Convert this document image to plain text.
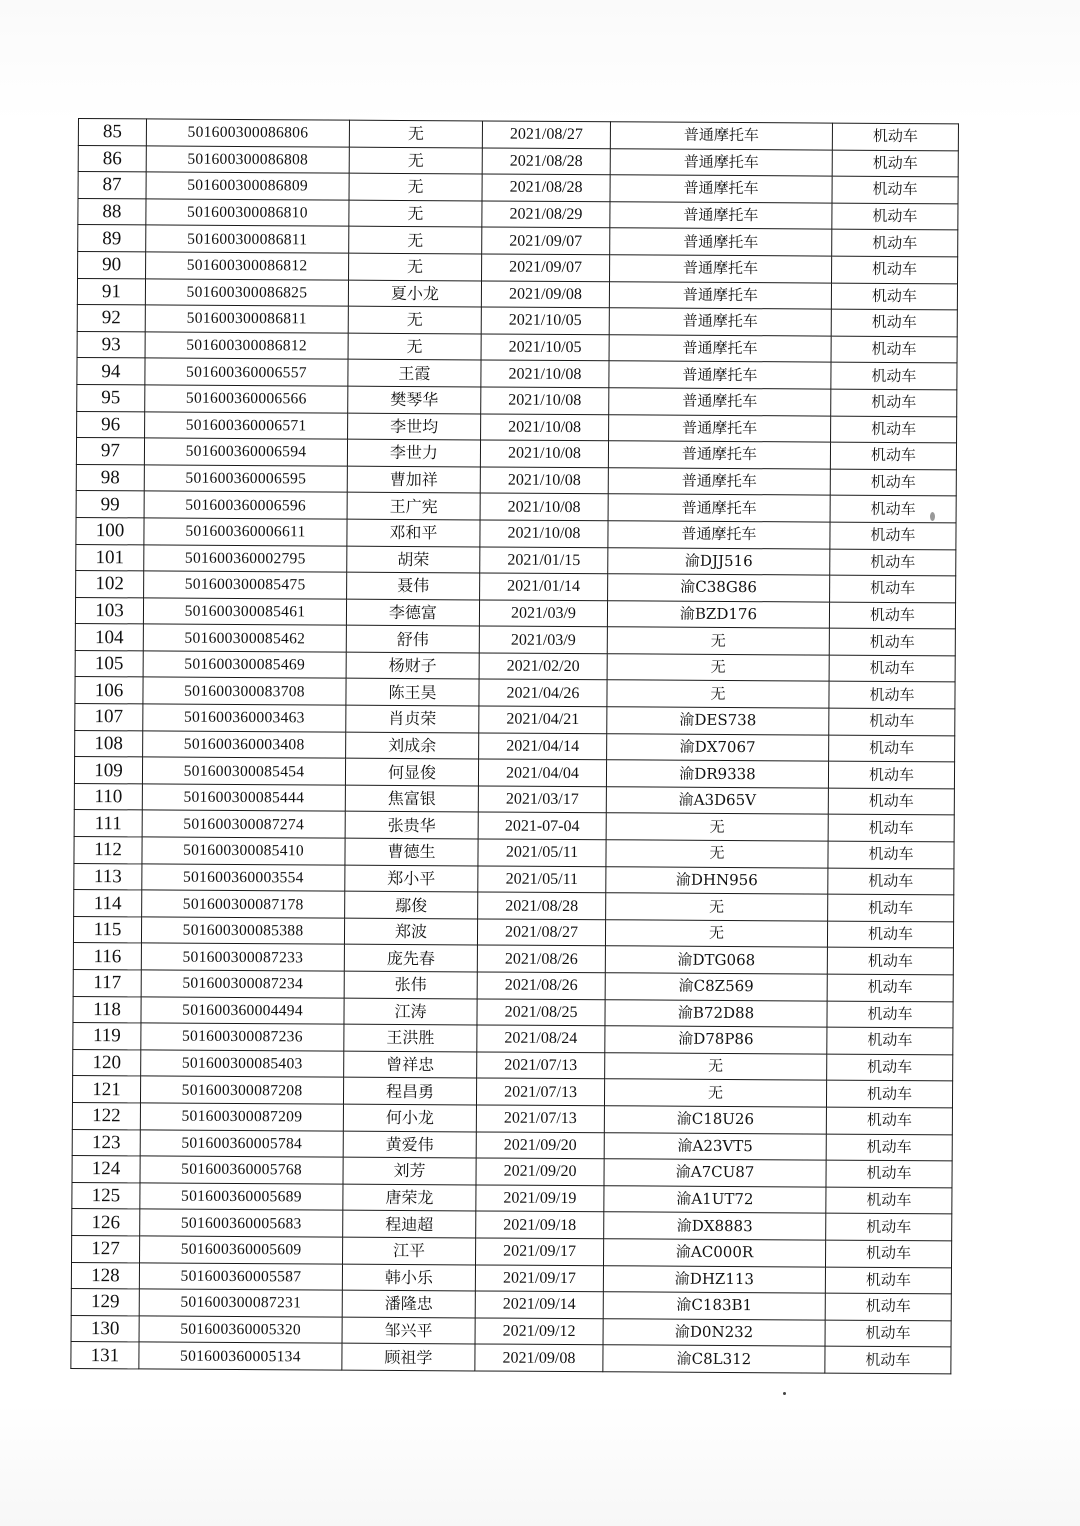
85	501600300086806	无	2021/08/27	普通摩托车	机动车
86	501600300086808	无	2021/08/28	普通摩托车	机动车
87	501600300086809	无	2021/08/28	普通摩托车	机动车
88	501600300086810	无	2021/08/29	普通摩托车	机动车
89	501600300086811	无	2021/09/07	普通摩托车	机动车
90	501600300086812	无	2021/09/07	普通摩托车	机动车
91	501600300086825	夏小龙	2021/09/08	普通摩托车	机动车
92	501600300086811	无	2021/10/05	普通摩托车	机动车
93	501600300086812	无	2021/10/05	普通摩托车	机动车
94	501600360006557	王霞	2021/10/08	普通摩托车	机动车
95	501600360006566	樊琴华	2021/10/08	普通摩托车	机动车
96	501600360006571	李世均	2021/10/08	普通摩托车	机动车
97	501600360006594	李世力	2021/10/08	普通摩托车	机动车
98	501600360006595	曹加祥	2021/10/08	普通摩托车	机动车
99	501600360006596	王广宪	2021/10/08	普通摩托车	机动车
100	501600360006611	邓和平	2021/10/08	普通摩托车	机动车
101	501600360002795	胡荣	2021/01/15	渝DJJ516	机动车
102	501600300085475	聂伟	2021/01/14	渝C38G86	机动车
103	501600300085461	李德富	2021/03/9	渝BZD176	机动车
104	501600300085462	舒伟	2021/03/9	无	机动车
105	501600300085469	杨财子	2021/02/20	无	机动车
106	501600300083708	陈王昊	2021/04/26	无	机动车
107	501600360003463	肖贞荣	2021/04/21	渝DES738	机动车
108	501600360003408	刘成余	2021/04/14	渝DX7067	机动车
109	501600300085454	何显俊	2021/04/04	渝DR9338	机动车
110	501600300085444	焦富银	2021/03/17	渝A3D65V	机动车
111	501600300087274	张贵华	2021-07-04	无	机动车
112	501600300085410	曹德生	2021/05/11	无	机动车
113	501600360003554	郑小平	2021/05/11	渝DHN956	机动车
114	501600300087178	鄢俊	2021/08/28	无	机动车
115	501600300085388	郑波	2021/08/27	无	机动车
116	501600300087233	庞先春	2021/08/26	渝DTG068	机动车
117	501600300087234	张伟	2021/08/26	渝C8Z569	机动车
118	501600360004494	江涛	2021/08/25	渝B72D88	机动车
119	501600300087236	王洪胜	2021/08/24	渝D78P86	机动车
120	501600300085403	曾祥忠	2021/07/13	无	机动车
121	501600300087208	程昌勇	2021/07/13	无	机动车
122	501600300087209	何小龙	2021/07/13	渝C18U26	机动车
123	501600360005784	黄爱伟	2021/09/20	渝A23VT5	机动车
124	501600360005768	刘芳	2021/09/20	渝A7CU87	机动车
125	501600360005689	唐荣龙	2021/09/19	渝A1UT72	机动车
126	501600360005683	程迪超	2021/09/18	渝DX8883	机动车
127	501600360005609	江平	2021/09/17	渝AC000R	机动车
128	501600360005587	韩小乐	2021/09/17	渝DHZ113	机动车
129	501600300087231	潘隆忠	2021/09/14	渝C183B1	机动车
130	501600360005320	邹兴平	2021/09/12	渝D0N232	机动车
131	501600360005134	顾祖学	2021/09/08	渝C8L312	机动车
